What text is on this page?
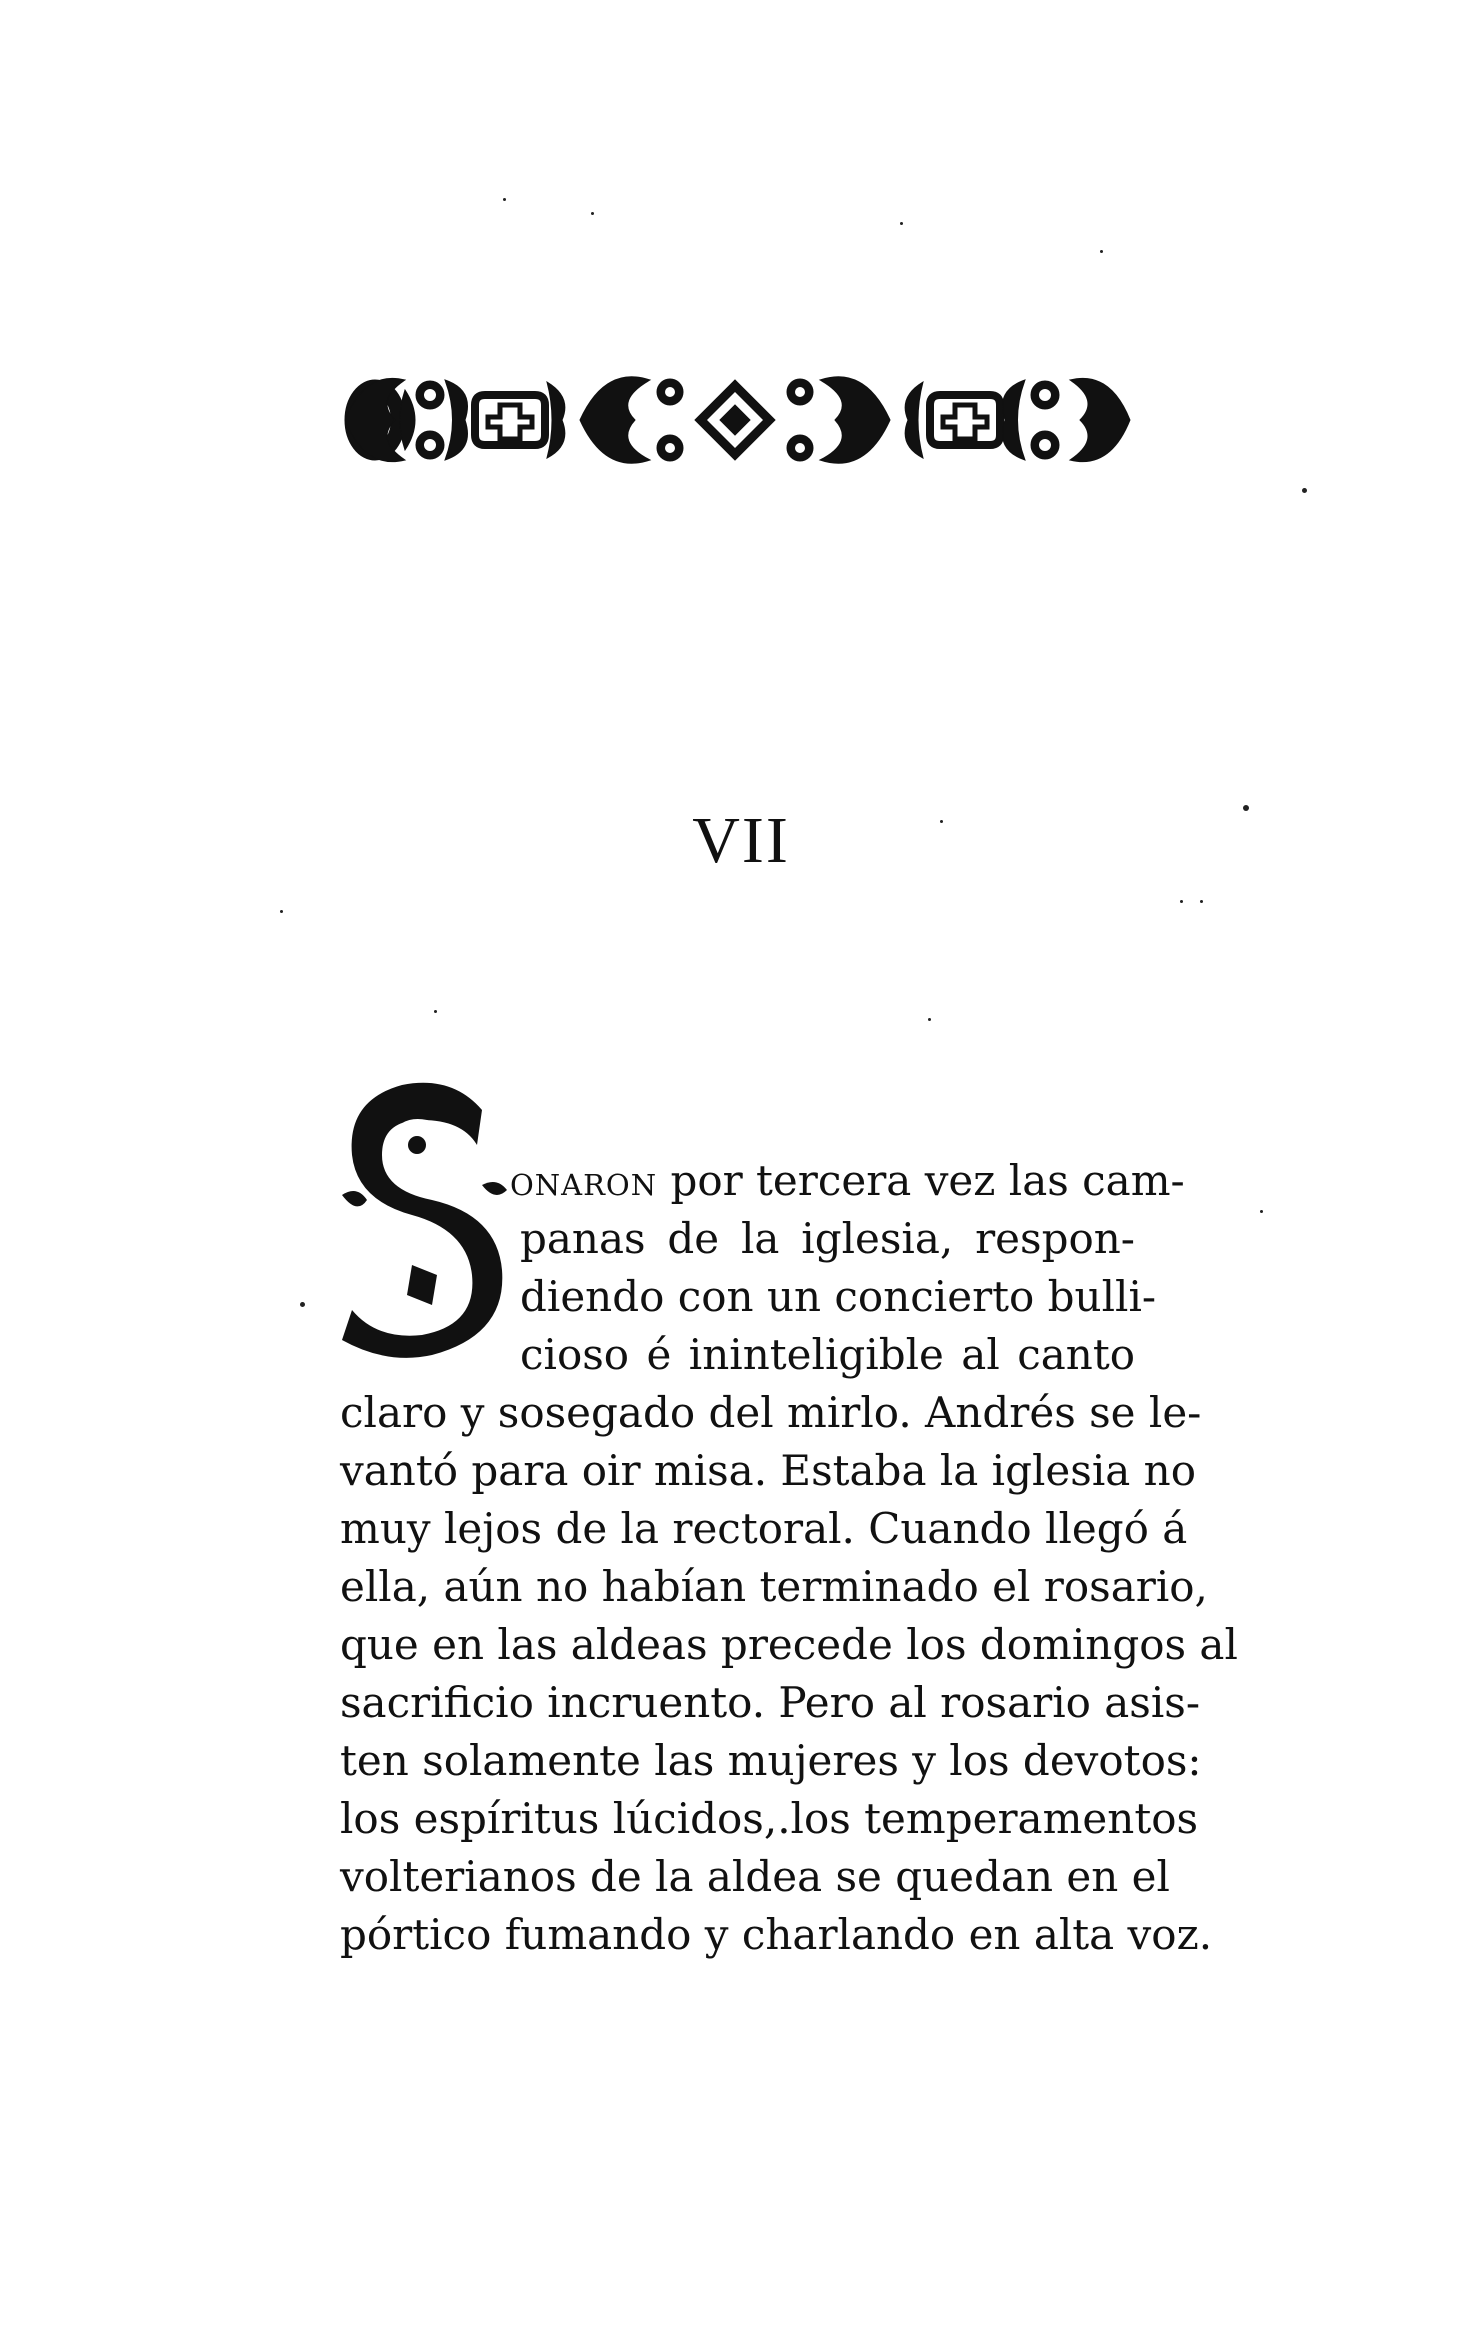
VII
onaron por tercera vez las cam-
panas de la iglesia, respon-
diendo con un concierto bulli-
cioso é ininteligible al canto
claro y sosegado del mirlo. Andrés se le-
vantó para oir misa. Estaba la iglesia no
muy lejos de la rectoral. Cuando llegó á
ella, aún no habían terminado el rosario,
que en las aldeas precede los domingos al
sacrificio incruento. Pero al rosario asis-
ten solamente las mujeres y los devotos:
los espíritus lúcidos,.los temperamentos
volterianos de la aldea se quedan en el
pórtico fumando y charlando en alta voz.
